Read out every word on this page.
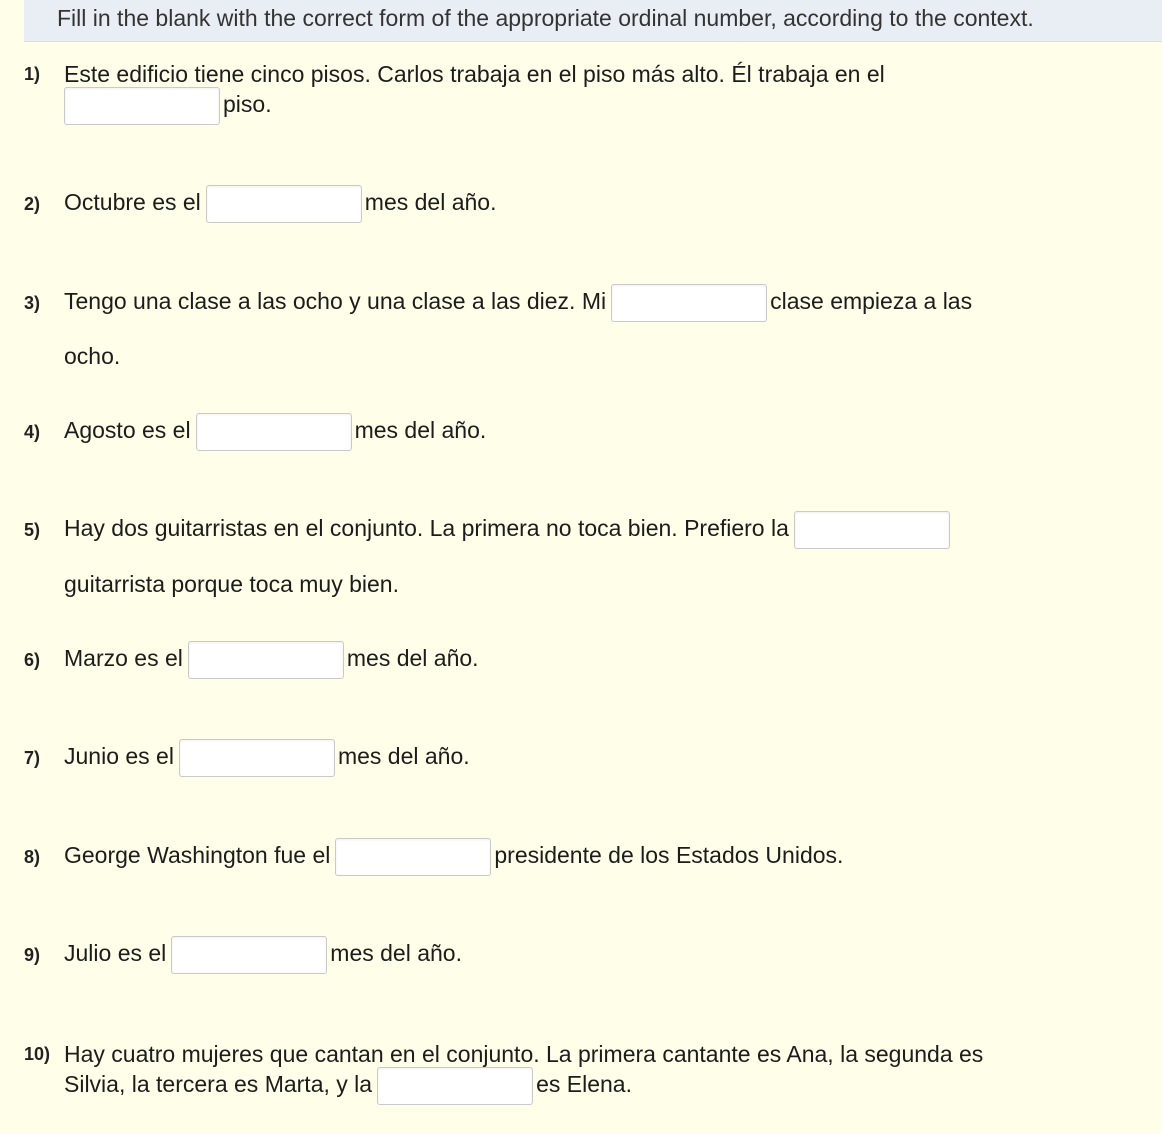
Fill in the blank with the correct form of the appropriate ordinal number, according to the context.
1) Este edificio tiene cinco pisos. Carlos trabaja en el piso más alto. Él trabaja en el
piso.
2) Octubre es el	mes del año.
3) Tengo una clase a las ocho y una clase a las diez. Mi	clase empieza a las
ocho.
4) Agosto es el	mes del año.
5) Hay dos guitarristas en el conjunto. La primera no toca bien. Prefiero la
guitarrista porque toca muy bien.
6) Marzo es el	mes del año.
7) Junio es el	mes del año.
8) George Washington fue el	presidente de los Estados Unidos.
9) Julio es el	mes del año.
10) Hay cuatro mujeres que cantan en el conjunto. La primera cantante es Ana, la segunda es
Silvia, la tercera es Marta, y la	es Elena.
